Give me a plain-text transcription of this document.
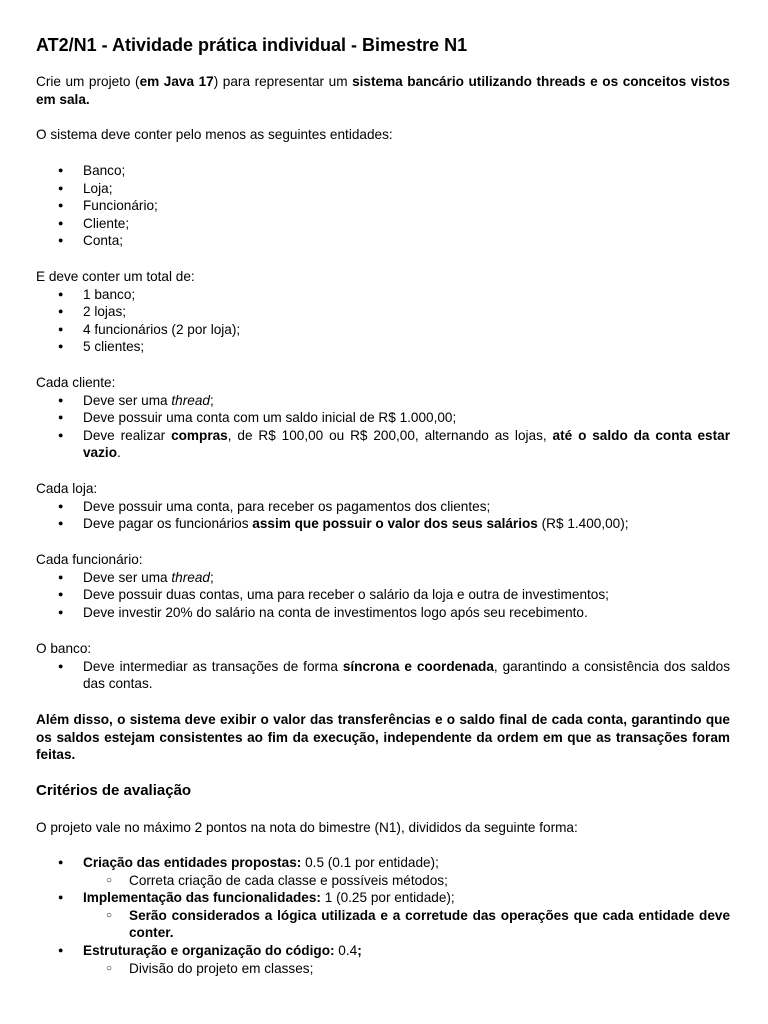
AT2/N1 - Atividade prática individual - Bimestre N1

Crie um projeto (em Java 17) para representar um sistema bancário utilizando threads e os conceitos vistos em sala.

O sistema deve conter pelo menos as seguintes entidades:

● Banco;
● Loja;
● Funcionário;
● Cliente;
● Conta;

E deve conter um total de:

● 1 banco;
● 2 lojas;
● 4 funcionários (2 por loja);
● 5 clientes;

Cada cliente:

● Deve ser uma thread;
● Deve possuir uma conta com um saldo inicial de R$ 1.000,00;
● Deve realizar compras, de R$ 100,00 ou R$ 200,00, alternando as lojas, até o saldo da conta estar vazio.

Cada loja:

● Deve possuir uma conta, para receber os pagamentos dos clientes;
● Deve pagar os funcionários assim que possuir o valor dos seus salários (R$ 1.400,00);

Cada funcionário:

● Deve ser uma thread;
● Deve possuir duas contas, uma para receber o salário da loja e outra de investimentos;
● Deve investir 20% do salário na conta de investimentos logo após seu recebimento.

O banco:

● Deve intermediar as transações de forma síncrona e coordenada, garantindo a consistência dos saldos das contas.

Além disso, o sistema deve exibir o valor das transferências e o saldo final de cada conta, garantindo que os saldos estejam consistentes ao fim da execução, independente da ordem em que as transações foram feitas.

Critérios de avaliação

O projeto vale no máximo 2 pontos na nota do bimestre (N1), divididos da seguinte forma:

● Criação das entidades propostas: 0.5 (0.1 por entidade);
○ Correta criação de cada classe e possíveis métodos;
● Implementação das funcionalidades: 1 (0.25 por entidade);
○ Serão considerados a lógica utilizada e a corretude das operações que cada entidade deve conter.
● Estruturação e organização do código: 0.4;
○ Divisão do projeto em classes;
